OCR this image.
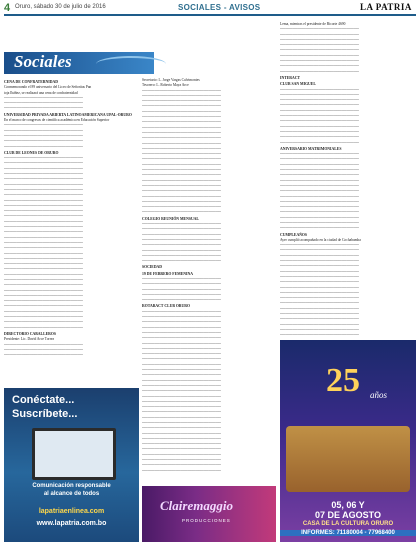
4 Oruro, sábado 30 de julio de 2016	SOCIALES - AVISOS	LA PATRIA
Sociales

CENA DE CONFRATERNIDAD

Conmemorando el 89 aniversario del Liceo de Señoritas Pan

toja Ibáñez, se realizará una cena de confraternidad

───────────────────────────────

───────────────────────────────

───────────────────────────────

UNIVERSIDAD PRIVADA ABIERTA LATINOAMERICANA UPAL-ORURO

En el marco de congresos de científica académica en Educación Superior

───────────────────────────────

───────────────────────────────

───────────────────────────────

───────────────────────────────

───────────────────────────────

CLUB DE LEONES DE ORURO

───────────────────────────────

───────────────────────────────

───────────────────────────────

───────────────────────────────

───────────────────────────────

───────────────────────────────

───────────────────────────────

───────────────────────────────

───────────────────────────────

───────────────────────────────

───────────────────────────────

───────────────────────────────

───────────────────────────────

───────────────────────────────

───────────────────────────────

───────────────────────────────

───────────────────────────────

───────────────────────────────

───────────────────────────────

───────────────────────────────

───────────────────────────────

───────────────────────────────

───────────────────────────────

───────────────────────────────

───────────────────────────────

───────────────────────────────

───────────────────────────────

───────────────────────────────

───────────────────────────────

───────────────────────────────

───────────────────────────────

───────────────────────────────

───────────────────────────────

DIRECTORIO CABALLEROS

Presidente: Lic. David Arce Torrez

───────────────────────────────

───────────────────────────────

───────────────────────────────

Secretario: L. Jorge Vargas Calvimontes

Tesorero: L. Roberto Maya Arce

───────────────────────────────

───────────────────────────────

───────────────────────────────

───────────────────────────────

───────────────────────────────

───────────────────────────────

───────────────────────────────

───────────────────────────────

───────────────────────────────

───────────────────────────────

───────────────────────────────

───────────────────────────────

───────────────────────────────

───────────────────────────────

───────────────────────────────

───────────────────────────────

───────────────────────────────

───────────────────────────────

───────────────────────────────

───────────────────────────────

───────────────────────────────

───────────────────────────────

───────────────────────────────

───────────────────────────────

COLEGIO REUNIÓN MENSUAL

───────────────────────────────

───────────────────────────────

───────────────────────────────

───────────────────────────────

───────────────────────────────

───────────────────────────────

───────────────────────────────

───────────────────────────────

SOCIEDAD

19 DE FEBRERO FEMENINA

───────────────────────────────

───────────────────────────────

───────────────────────────────

───────────────────────────────

───────────────────────────────

ROTARACT CLUB ORURO

───────────────────────────────

───────────────────────────────

───────────────────────────────

───────────────────────────────

───────────────────────────────

───────────────────────────────

───────────────────────────────

───────────────────────────────

───────────────────────────────

───────────────────────────────

───────────────────────────────

───────────────────────────────

───────────────────────────────

───────────────────────────────

───────────────────────────────

───────────────────────────────

───────────────────────────────

───────────────────────────────

───────────────────────────────

───────────────────────────────

───────────────────────────────

───────────────────────────────

───────────────────────────────

───────────────────────────────

───────────────────────────────

───────────────────────────────

───────────────────────────────

───────────────────────────────

───────────────────────────────

───────────────────────────────

───────────────────────────────

Lema, mientras el presidente de Bicorte 4690

───────────────────────────────

───────────────────────────────

───────────────────────────────

───────────────────────────────

───────────────────────────────

───────────────────────────────

───────────────────────────────

───────────────────────────────

───────────────────────────────

INTERACT

CLUB SAN MIGUEL

───────────────────────────────

───────────────────────────────

───────────────────────────────

───────────────────────────────

───────────────────────────────

───────────────────────────────

───────────────────────────────

───────────────────────────────

───────────────────────────────

───────────────────────────────

───────────────────────────────

ANIVERSARIO MATRIMONIALES

───────────────────────────────

───────────────────────────────

───────────────────────────────

───────────────────────────────

───────────────────────────────

───────────────────────────────

───────────────────────────────

───────────────────────────────

───────────────────────────────

───────────────────────────────

───────────────────────────────

───────────────────────────────

───────────────────────────────

───────────────────────────────

───────────────────────────────

CUMPLEAÑOS

Ayer cumplió acompañado en la ciudad de Cochabamba

───────────────────────────────

───────────────────────────────

───────────────────────────────

───────────────────────────────

───────────────────────────────

───────────────────────────────

───────────────────────────────

───────────────────────────────

───────────────────────────────

───────────────────────────────

───────────────────────────────

───────────────────────────────

───────────────────────────────

───────────────────────────────

───────────────────────────────

───────────────────────────────

───────────────────────────────

───────────────────────────────

Conéctate...
Suscríbete...
Comunicación responsable
al alcance de todos
lapatriaenlinea.com
www.lapatria.com.bo
Clairemaggio
PRODUCCIONES
25 años
05, 06 Y
07 DE AGOSTO
CASA DE LA CULTURA ORURO
INFORMES: 71180004 - 77968400
